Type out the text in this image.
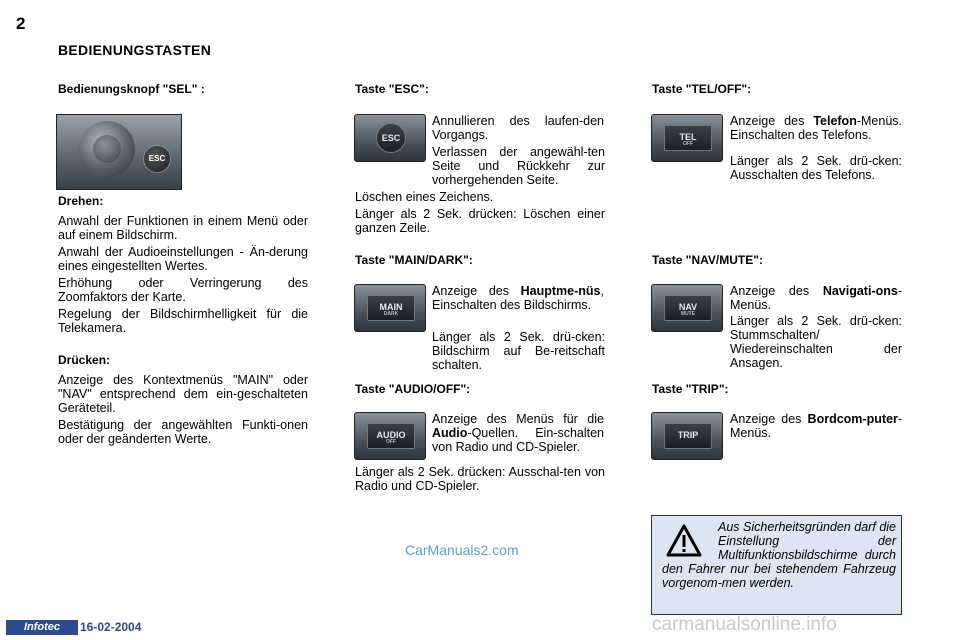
2
BEDIENUNGSTASTEN
Bedienungsknopf "SEL" :
ESC
Drehen:

Anwahl der Funktionen in einem Menü oder auf einem Bildschirm.

Anwahl der Audioeinstellungen - Än-derung eines eingestellten Wertes.

Erhöhung oder Verringerung des Zoomfaktors der Karte.

Regelung der Bildschirmhelligkeit für die Telekamera.

Drücken:

Anzeige des Kontextmenüs "MAIN" oder "NAV" entsprechend dem ein-geschalteten Geräteteil.

Bestätigung der angewählten Funkti-onen oder der geänderten Werte.

Taste "ESC":
ESC

Annullieren des laufen-den Vorgangs.

Verlassen der angewähl-ten Seite und Rückkehr zur vorhergehenden Seite.

Löschen eines Zeichens.

Länger als 2 Sek. drücken: Löschen einer ganzen Zeile.

Taste "MAIN/DARK":
MAIN
DARK

Anzeige des Hauptme-nüs, Einschalten des Bildschirms.

Länger als 2 Sek. drü-cken: Bildschirm auf Be-reitschaft schalten.

Taste "AUDIO/OFF":
AUDIO
OFF

Anzeige des Menüs für die Audio-Quellen. Ein-schalten von Radio und CD-Spieler.

Länger als 2 Sek. drücken: Ausschal-ten von Radio und CD-Spieler.

Taste "TEL/OFF":
TEL
OFF

Anzeige des Telefon-Menüs. Einschalten des Telefons.

Länger als 2 Sek. drü-cken: Ausschalten des Telefons.

Taste "NAV/MUTE":
NAV
MUTE

Anzeige des Navigati-ons-Menüs.

Länger als 2 Sek. drü-cken: Stummschalten/ Wiedereinschalten der Ansagen.

Taste "TRIP":
TRIP

Anzeige des Bordcom-puter-Menüs.

Aus Sicherheitsgründen darf die Einstellung der Multifunktionsbildschirme durch den Fahrer nur bei stehendem Fahrzeug vorgenom-men werden.
CarManuals2.com
Infotec	16-02-2004	carmanualsonline.info
